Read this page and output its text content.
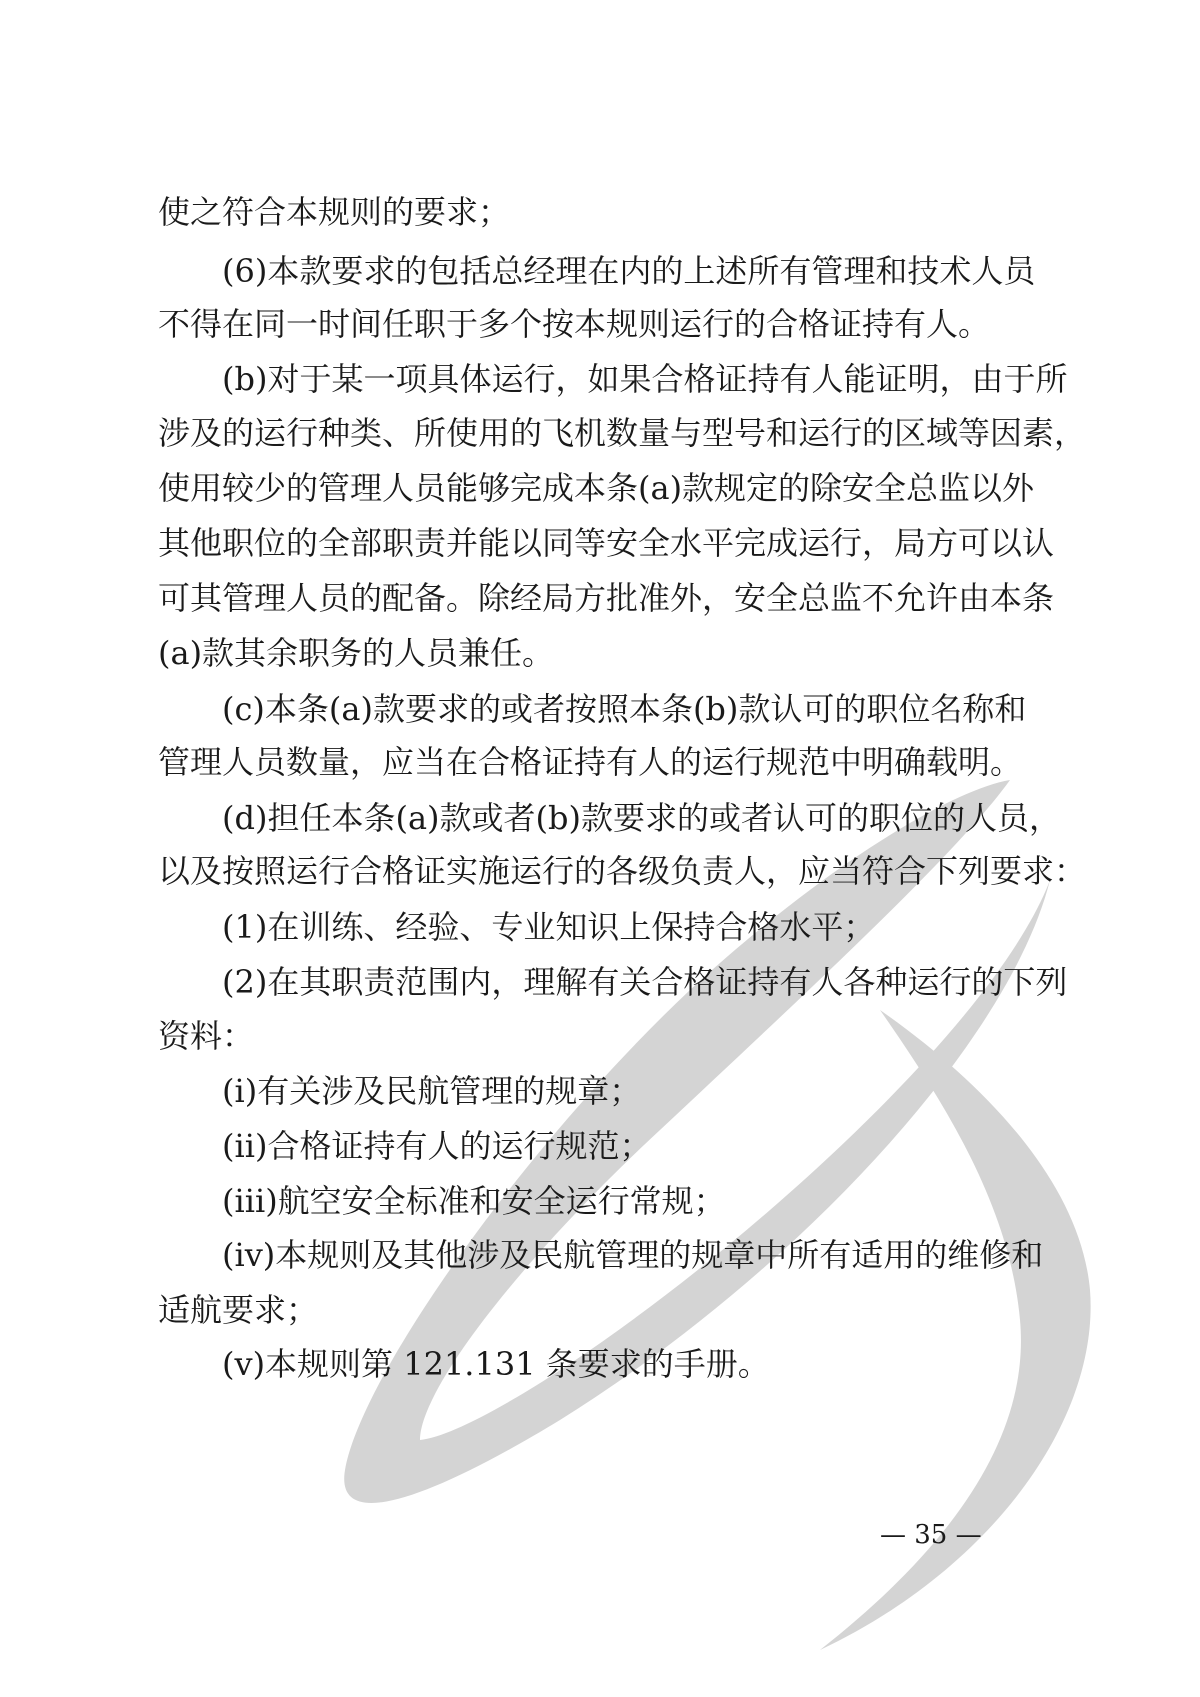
使之符合本规则的要求；
(6)本款要求的包括总经理在内的上述所有管理和技术人员
不得在同一时间任职于多个按本规则运行的合格证持有人。
(b)对于某一项具体运行，如果合格证持有人能证明，由于所
涉及的运行种类、所使用的飞机数量与型号和运行的区域等因素，
使用较少的管理人员能够完成本条(a)款规定的除安全总监以外
其他职位的全部职责并能以同等安全水平完成运行，局方可以认
可其管理人员的配备。除经局方批准外，安全总监不允许由本条
(a)款其余职务的人员兼任。
(c)本条(a)款要求的或者按照本条(b)款认可的职位名称和
管理人员数量，应当在合格证持有人的运行规范中明确载明。
(d)担任本条(a)款或者(b)款要求的或者认可的职位的人员，
以及按照运行合格证实施运行的各级负责人，应当符合下列要求：
(1)在训练、经验、专业知识上保持合格水平；
(2)在其职责范围内，理解有关合格证持有人各种运行的下列
资料：
(i)有关涉及民航管理的规章；
(ii)合格证持有人的运行规范；
(iii)航空安全标准和安全运行常规；
(iv)本规则及其他涉及民航管理的规章中所有适用的维修和
适航要求；
(v)本规则第 121.131 条要求的手册。
— 35 —
